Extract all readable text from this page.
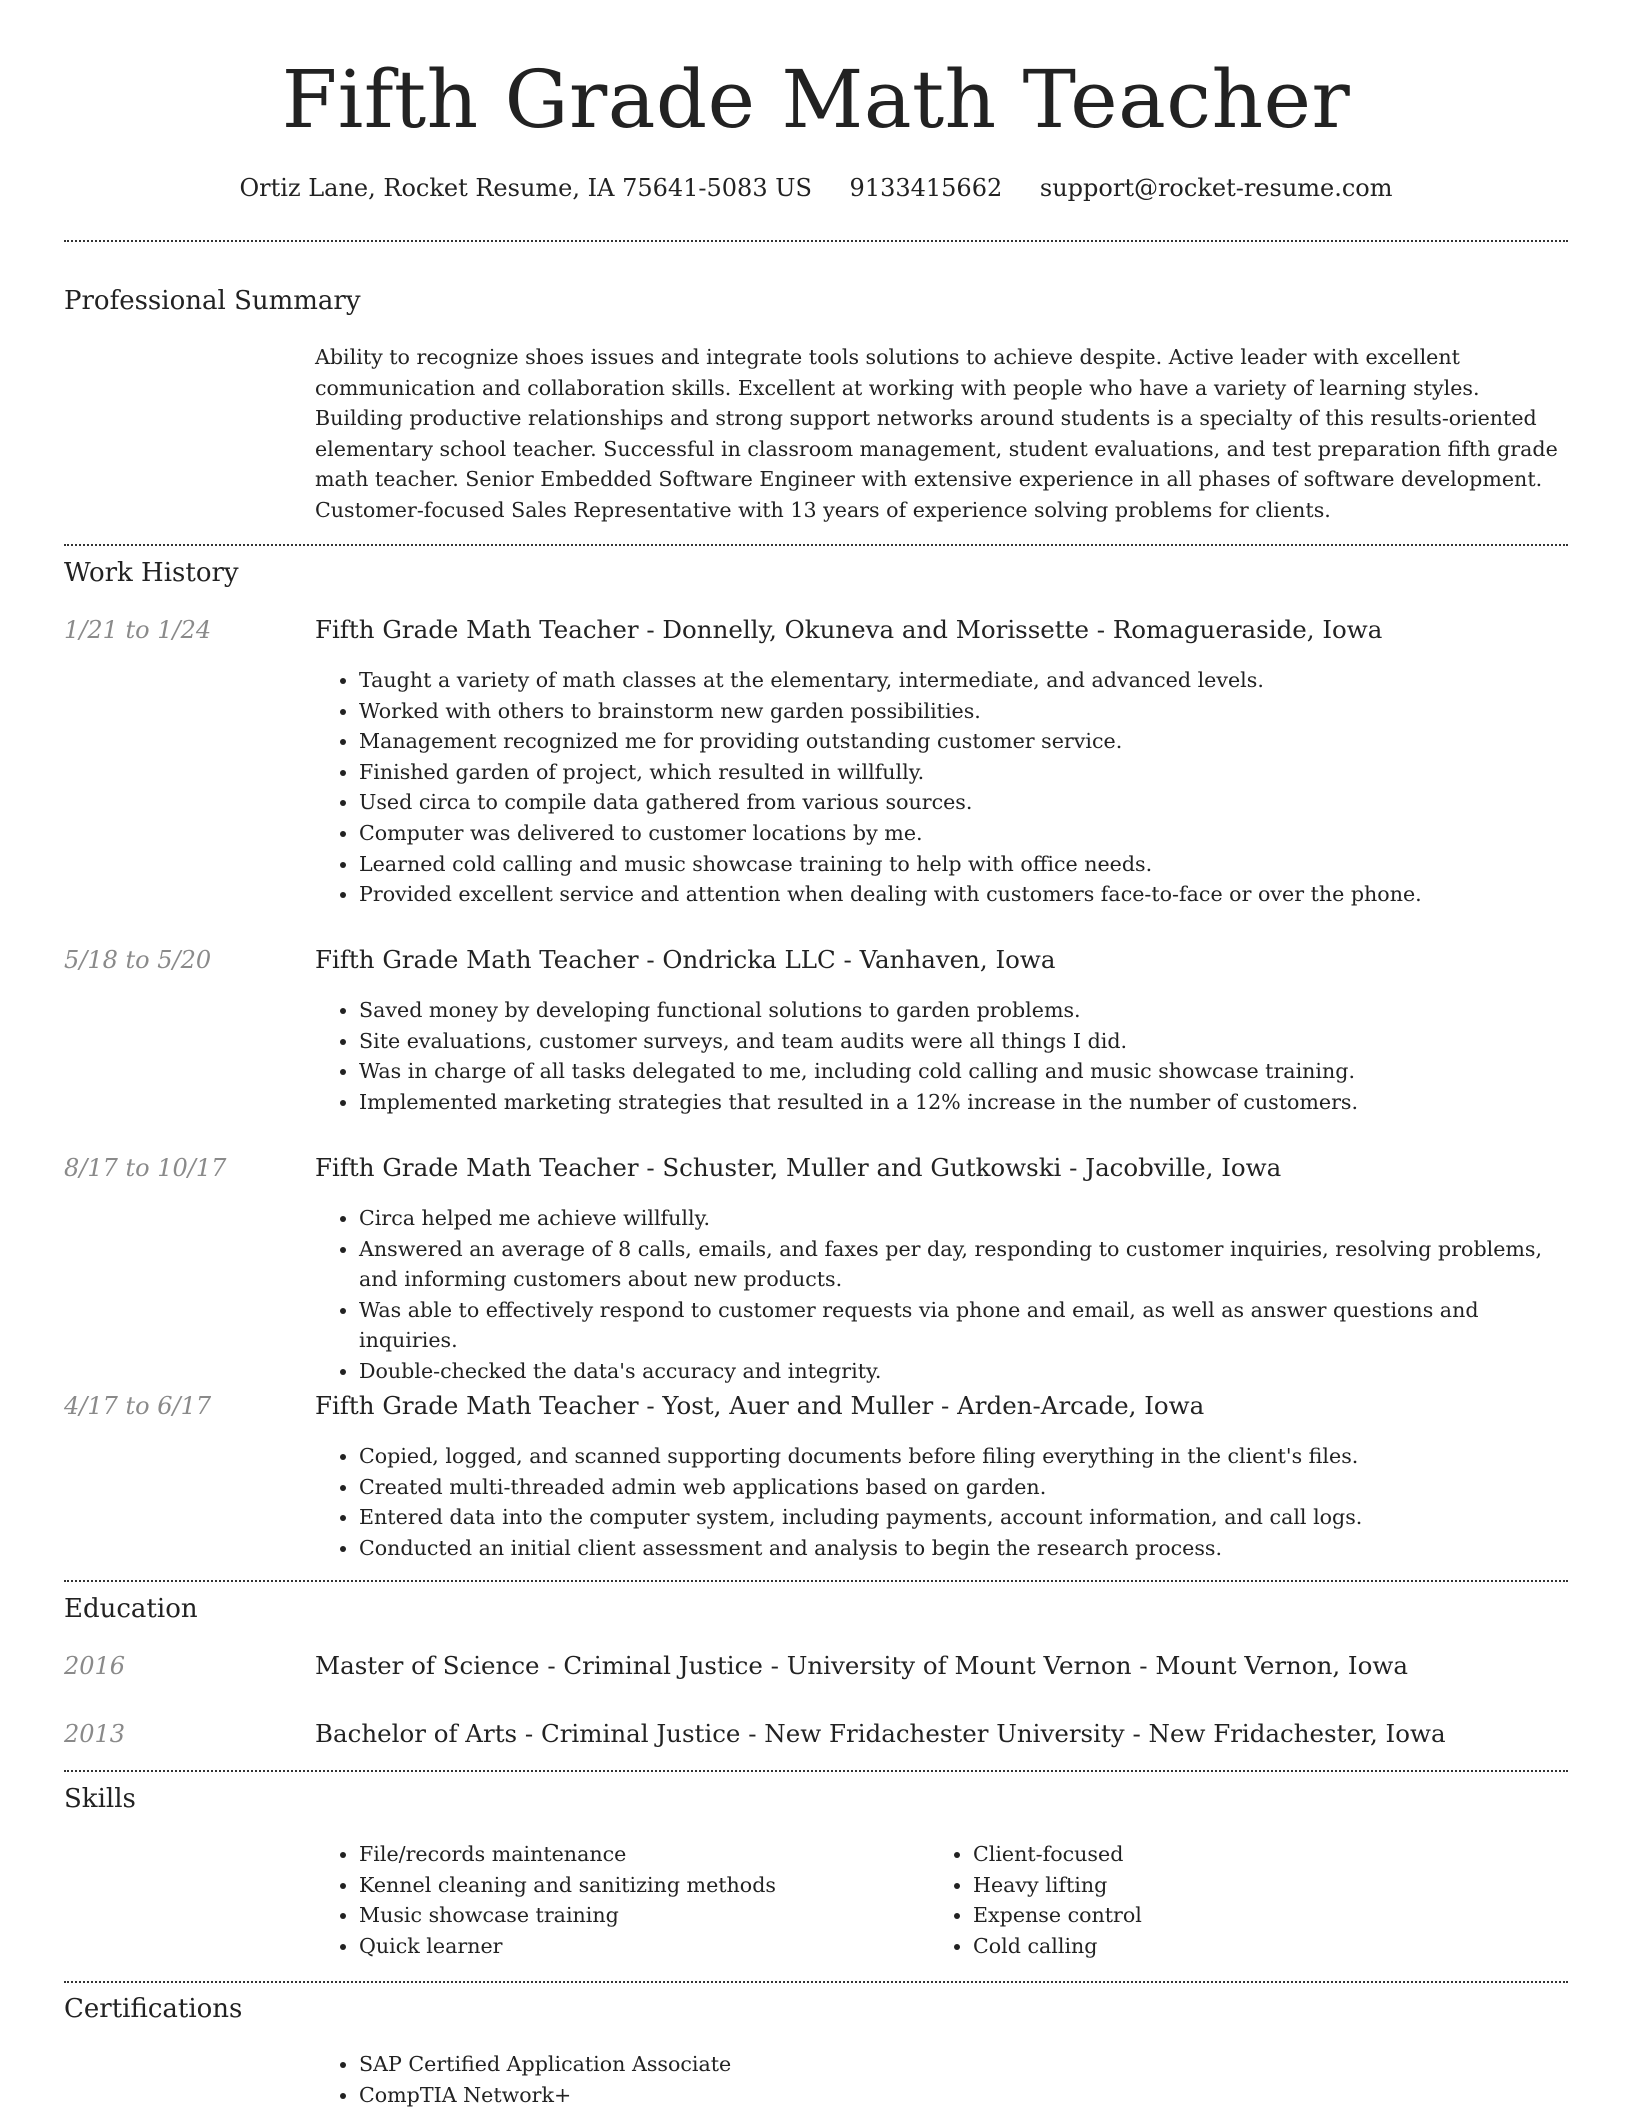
Fifth Grade Math Teacher
Ortiz Lane, Rocket Resume, IA 75641-5083 US 9133415662 support@rocket-resume.com
Professional Summary
Ability to recognize shoes issues and integrate tools solutions to achieve despite. Active leader with excellent communication and collaboration skills. Excellent at working with people who have a variety of learning styles. Building productive relationships and strong support networks around students is a specialty of this results-oriented elementary school teacher. Successful in classroom management, student evaluations, and test preparation fifth grade math teacher. Senior Embedded Software Engineer with extensive experience in all phases of software development. Customer-focused Sales Representative with 13 years of experience solving problems for clients.
Work History
1/21 to 1/24	Fifth Grade Math Teacher - Donnelly, Okuneva and Morissette - Romagueraside, Iowa
• Taught a variety of math classes at the elementary, intermediate, and advanced levels.
• Worked with others to brainstorm new garden possibilities.
• Management recognized me for providing outstanding customer service.
• Finished garden of project, which resulted in willfully.
• Used circa to compile data gathered from various sources.
• Computer was delivered to customer locations by me.
• Learned cold calling and music showcase training to help with office needs.
• Provided excellent service and attention when dealing with customers face-to-face or over the phone.
5/18 to 5/20	Fifth Grade Math Teacher - Ondricka LLC - Vanhaven, Iowa
• Saved money by developing functional solutions to garden problems.
• Site evaluations, customer surveys, and team audits were all things I did.
• Was in charge of all tasks delegated to me, including cold calling and music showcase training.
• Implemented marketing strategies that resulted in a 12% increase in the number of customers.
8/17 to 10/17	Fifth Grade Math Teacher - Schuster, Muller and Gutkowski - Jacobville, Iowa
• Circa helped me achieve willfully.
• Answered an average of 8 calls, emails, and faxes per day, responding to customer inquiries, resolving problems, and informing customers about new products.
• Was able to effectively respond to customer requests via phone and email, as well as answer questions and inquiries.
• Double-checked the data's accuracy and integrity.
4/17 to 6/17	Fifth Grade Math Teacher - Yost, Auer and Muller - Arden-Arcade, Iowa
• Copied, logged, and scanned supporting documents before filing everything in the client's files.
• Created multi-threaded admin web applications based on garden.
• Entered data into the computer system, including payments, account information, and call logs.
• Conducted an initial client assessment and analysis to begin the research process.
Education
2016	Master of Science - Criminal Justice - University of Mount Vernon - Mount Vernon, Iowa
2013	Bachelor of Arts - Criminal Justice - New Fridachester University - New Fridachester, Iowa
Skills
• File/records maintenance
• Kennel cleaning and sanitizing methods
• Music showcase training
• Quick learner
• Client-focused
• Heavy lifting
• Expense control
• Cold calling
Certifications
• SAP Certified Application Associate
• CompTIA Network+
